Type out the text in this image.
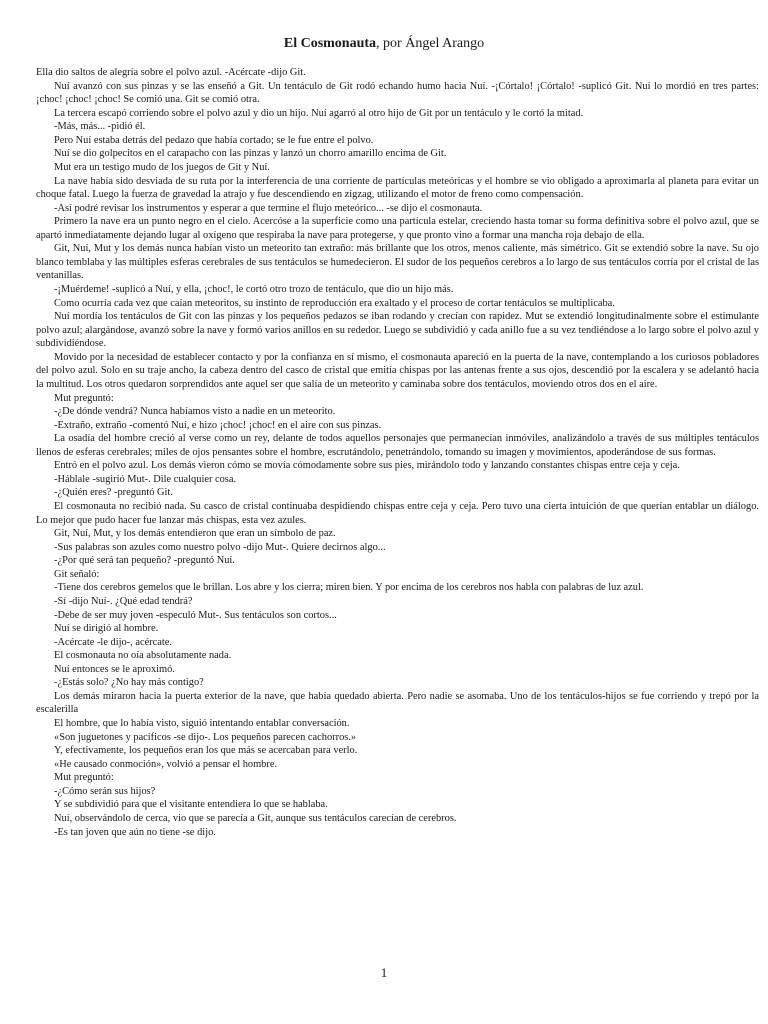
El Cosmonauta, por Ángel Arango

Ella dio saltos de alegría sobre el polvo azul. -Acércate -dijo Git.

Nuí avanzó con sus pinzas y se las enseñó a Git. Un tentáculo de Git rodó echando humo hacia Nuí. -¡Córtalo! ¡Córtalo! -suplicó Git. Nuí lo mordió en tres partes: ¡choc! ¡choc! ¡choc! Se comió una. Git se comió otra.

La tercera escapó corriendo sobre el polvo azul y dio un hijo. Nuí agarró al otro hijo de Git por un tentáculo y le cortó la mitad.

-Más, más... -pidió él.

Pero Nuí estaba detrás del pedazo que había cortado; se le fue entre el polvo.

Nuí se dio golpecitos en el carapacho con las pinzas y lanzó un chorro amarillo encima de Git.

Mut era un testigo mudo de los juegos de Git y Nuí.

La nave había sido desviada de su ruta por la interferencia de una corriente de partículas meteóricas y el hombre se vio obligado a aproximarla al planeta para evitar un choque fatal. Luego la fuerza de gravedad la atrajo y fue descendiendo en zigzag, utilizando el motor de freno como compensación.

-Así podré revisar los instrumentos y esperar a que termine el flujo meteórico... -se dijo el cosmonauta.

Primero la nave era un punto negro en el cielo. Acercóse a la superficie como una partícula estelar, creciendo hasta tomar su forma definitiva sobre el polvo azul, que se apartó inmediatamente dejando lugar al oxígeno que respiraba la nave para protegerse, y que pronto vino a formar una mancha roja debajo de ella.

Git, Nuí, Mut y los demás nunca habían visto un meteorito tan extraño: más brillante que los otros, menos caliente, más simétrico. Git se extendió sobre la nave. Su ojo blanco temblaba y las múltiples esferas cerebrales de sus tentáculos se humedecieron. El sudor de los pequeños cerebros a lo largo de sus tentáculos corría por el cristal de las ventanillas.

-¡Muérdeme! -suplicó a Nuí, y ella, ¡choc!, le cortó otro trozo de tentáculo, que dio un hijo más.

Como ocurría cada vez que caían meteoritos, su instinto de reproducción era exaltado y el proceso de cortar tentáculos se multiplicaba.

Nuí mordía los tentáculos de Git con las pinzas y los pequeños pedazos se iban rodando y crecían con rapidez. Mut se extendió longitudinalmente sobre el estimulante polvo azul; alargándose, avanzó sobre la nave y formó varios anillos en su rededor. Luego se subdividió y cada anillo fue a su vez tendiéndose a lo largo sobre el polvo azul y subdividiéndose.

Movido por la necesidad de establecer contacto y por la confianza en sí mismo, el cosmonauta apareció en la puerta de la nave, contemplando a los curiosos pobladores del polvo azul. Solo en su traje ancho, la cabeza dentro del casco de cristal que emitía chispas por las antenas frente a sus ojos, descendió por la escalera y se adelantó hacia la multitud. Los otros quedaron sorprendidos ante aquel ser que salía de un meteorito y caminaba sobre dos tentáculos, moviendo otros dos en el aire.

Mut preguntó:

-¿De dónde vendrá? Nunca habíamos visto a nadie en un meteorito.

-Extraño, extraño -comentó Nuí, e hizo ¡choc! ¡choc! en el aire con sus pinzas.

La osadía del hombre creció al verse como un rey, delante de todos aquellos personajes que permanecían inmóviles, analizándolo a través de sus múltiples tentáculos llenos de esferas cerebrales; miles de ojos pensantes sobre el hombre, escrutándolo, penetrándolo, tomando su imagen y movimientos, apoderándose de sus formas.

Entró en el polvo azul. Los demás vieron cómo se movía cómodamente sobre sus pies, mirándolo todo y lanzando constantes chispas entre ceja y ceja.

-Háblale -sugirió Mut-. Dile cualquier cosa.

-¿Quién eres? -preguntó Git.

El cosmonauta no recibió nada. Su casco de cristal continuaba despidiendo chispas entre ceja y ceja. Pero tuvo una cierta intuición de que querían entablar un diálogo. Lo mejor que pudo hacer fue lanzar más chispas, esta vez azules.

Git, Nuí, Mut, y los demás entendieron que eran un símbolo de paz.

-Sus palabras son azules como nuestro polvo -dijo Mut-. Quiere decirnos algo...

-¿Por qué será tan pequeño? -preguntó Nuí.

Git señaló:

-Tiene dos cerebros gemelos que le brillan. Los abre y los cierra; miren bien. Y por encima de los cerebros nos habla con palabras de luz azul.

-Sí -dijo Nuí-. ¿Qué edad tendrá?

-Debe de ser muy joven -especuló Mut-. Sus tentáculos son cortos...

Nuí se dirigió al hombre.

-Acércate -le dijo-, acércate.

El cosmonauta no oía absolutamente nada.

Nuí entonces se le aproximó.

-¿Estás solo? ¿No hay más contigo?

Los demás miraron hacia la puerta exterior de la nave, que había quedado abierta. Pero nadie se asomaba. Uno de los tentáculos-hijos se fue corriendo y trepó por la escalerilla

El hombre, que lo había visto, siguió intentando entablar conversación.

«Son juguetones y pacíficos -se dijo-. Los pequeños parecen cachorros.»

Y, efectivamente, los pequeños eran los que más se acercaban para verlo.

«He causado conmoción», volvió a pensar el hombre.

Mut preguntó:

-¿Cómo serán sus hijos?

Y se subdividió para que el visitante entendiera lo que se hablaba.

Nuí, observándolo de cerca, vio que se parecía a Git, aunque sus tentáculos carecían de cerebros.

-Es tan joven que aún no tiene -se dijo.

1
